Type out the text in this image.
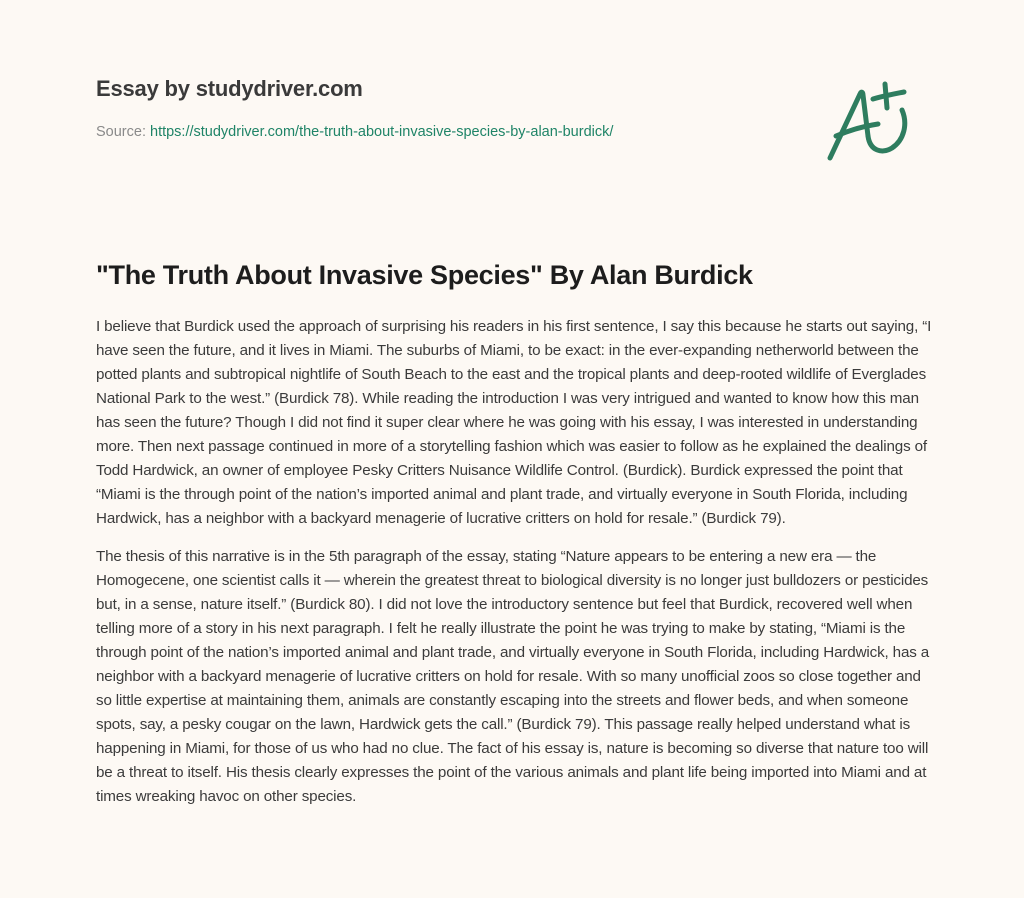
Essay by studydriver.com
Source: https://studydriver.com/the-truth-about-invasive-species-by-alan-burdick/
"The Truth About Invasive Species" By Alan Burdick

I believe that Burdick used the approach of surprising his readers in his first sentence, I say this because he starts out saying, “I have seen the future, and it lives in Miami. The suburbs of Miami, to be exact: in the ever-expanding netherworld between the potted plants and subtropical nightlife of South Beach to the east and the tropical plants and deep-rooted wildlife of Everglades National Park to the west.” (Burdick 78). While reading the introduction I was very intrigued and wanted to know how this man has seen the future? Though I did not find it super clear where he was going with his essay, I was interested in understanding more. Then next passage continued in more of a storytelling fashion which was easier to follow as he explained the dealings of Todd Hardwick, an owner of employee Pesky Critters Nuisance Wildlife Control. (Burdick). Burdick expressed the point that “Miami is the through point of the nation’s imported animal and plant trade, and virtually everyone in South Florida, including Hardwick, has a neighbor with a backyard menagerie of lucrative critters on hold for resale.” (Burdick 79).

The thesis of this narrative is in the 5th paragraph of the essay, stating “Nature appears to be entering a new era — the Homogecene, one scientist calls it — wherein the greatest threat to biological diversity is no longer just bulldozers or pesticides but, in a sense, nature itself.” (Burdick 80). I did not love the introductory sentence but feel that Burdick, recovered well when telling more of a story in his next paragraph. I felt he really illustrate the point he was trying to make by stating, “Miami is the through point of the nation’s imported animal and plant trade, and virtually everyone in South Florida, including Hardwick, has a neighbor with a backyard menagerie of lucrative critters on hold for resale. With so many unofficial zoos so close together and so little expertise at maintaining them, animals are constantly escaping into the streets and flower beds, and when someone spots, say, a pesky cougar on the lawn, Hardwick gets the call.” (Burdick 79). This passage really helped understand what is happening in Miami, for those of us who had no clue. The fact of his essay is, nature is becoming so diverse that nature too will be a threat to itself. His thesis clearly expresses the point of the various animals and plant life being imported into Miami and at times wreaking havoc on other species.
